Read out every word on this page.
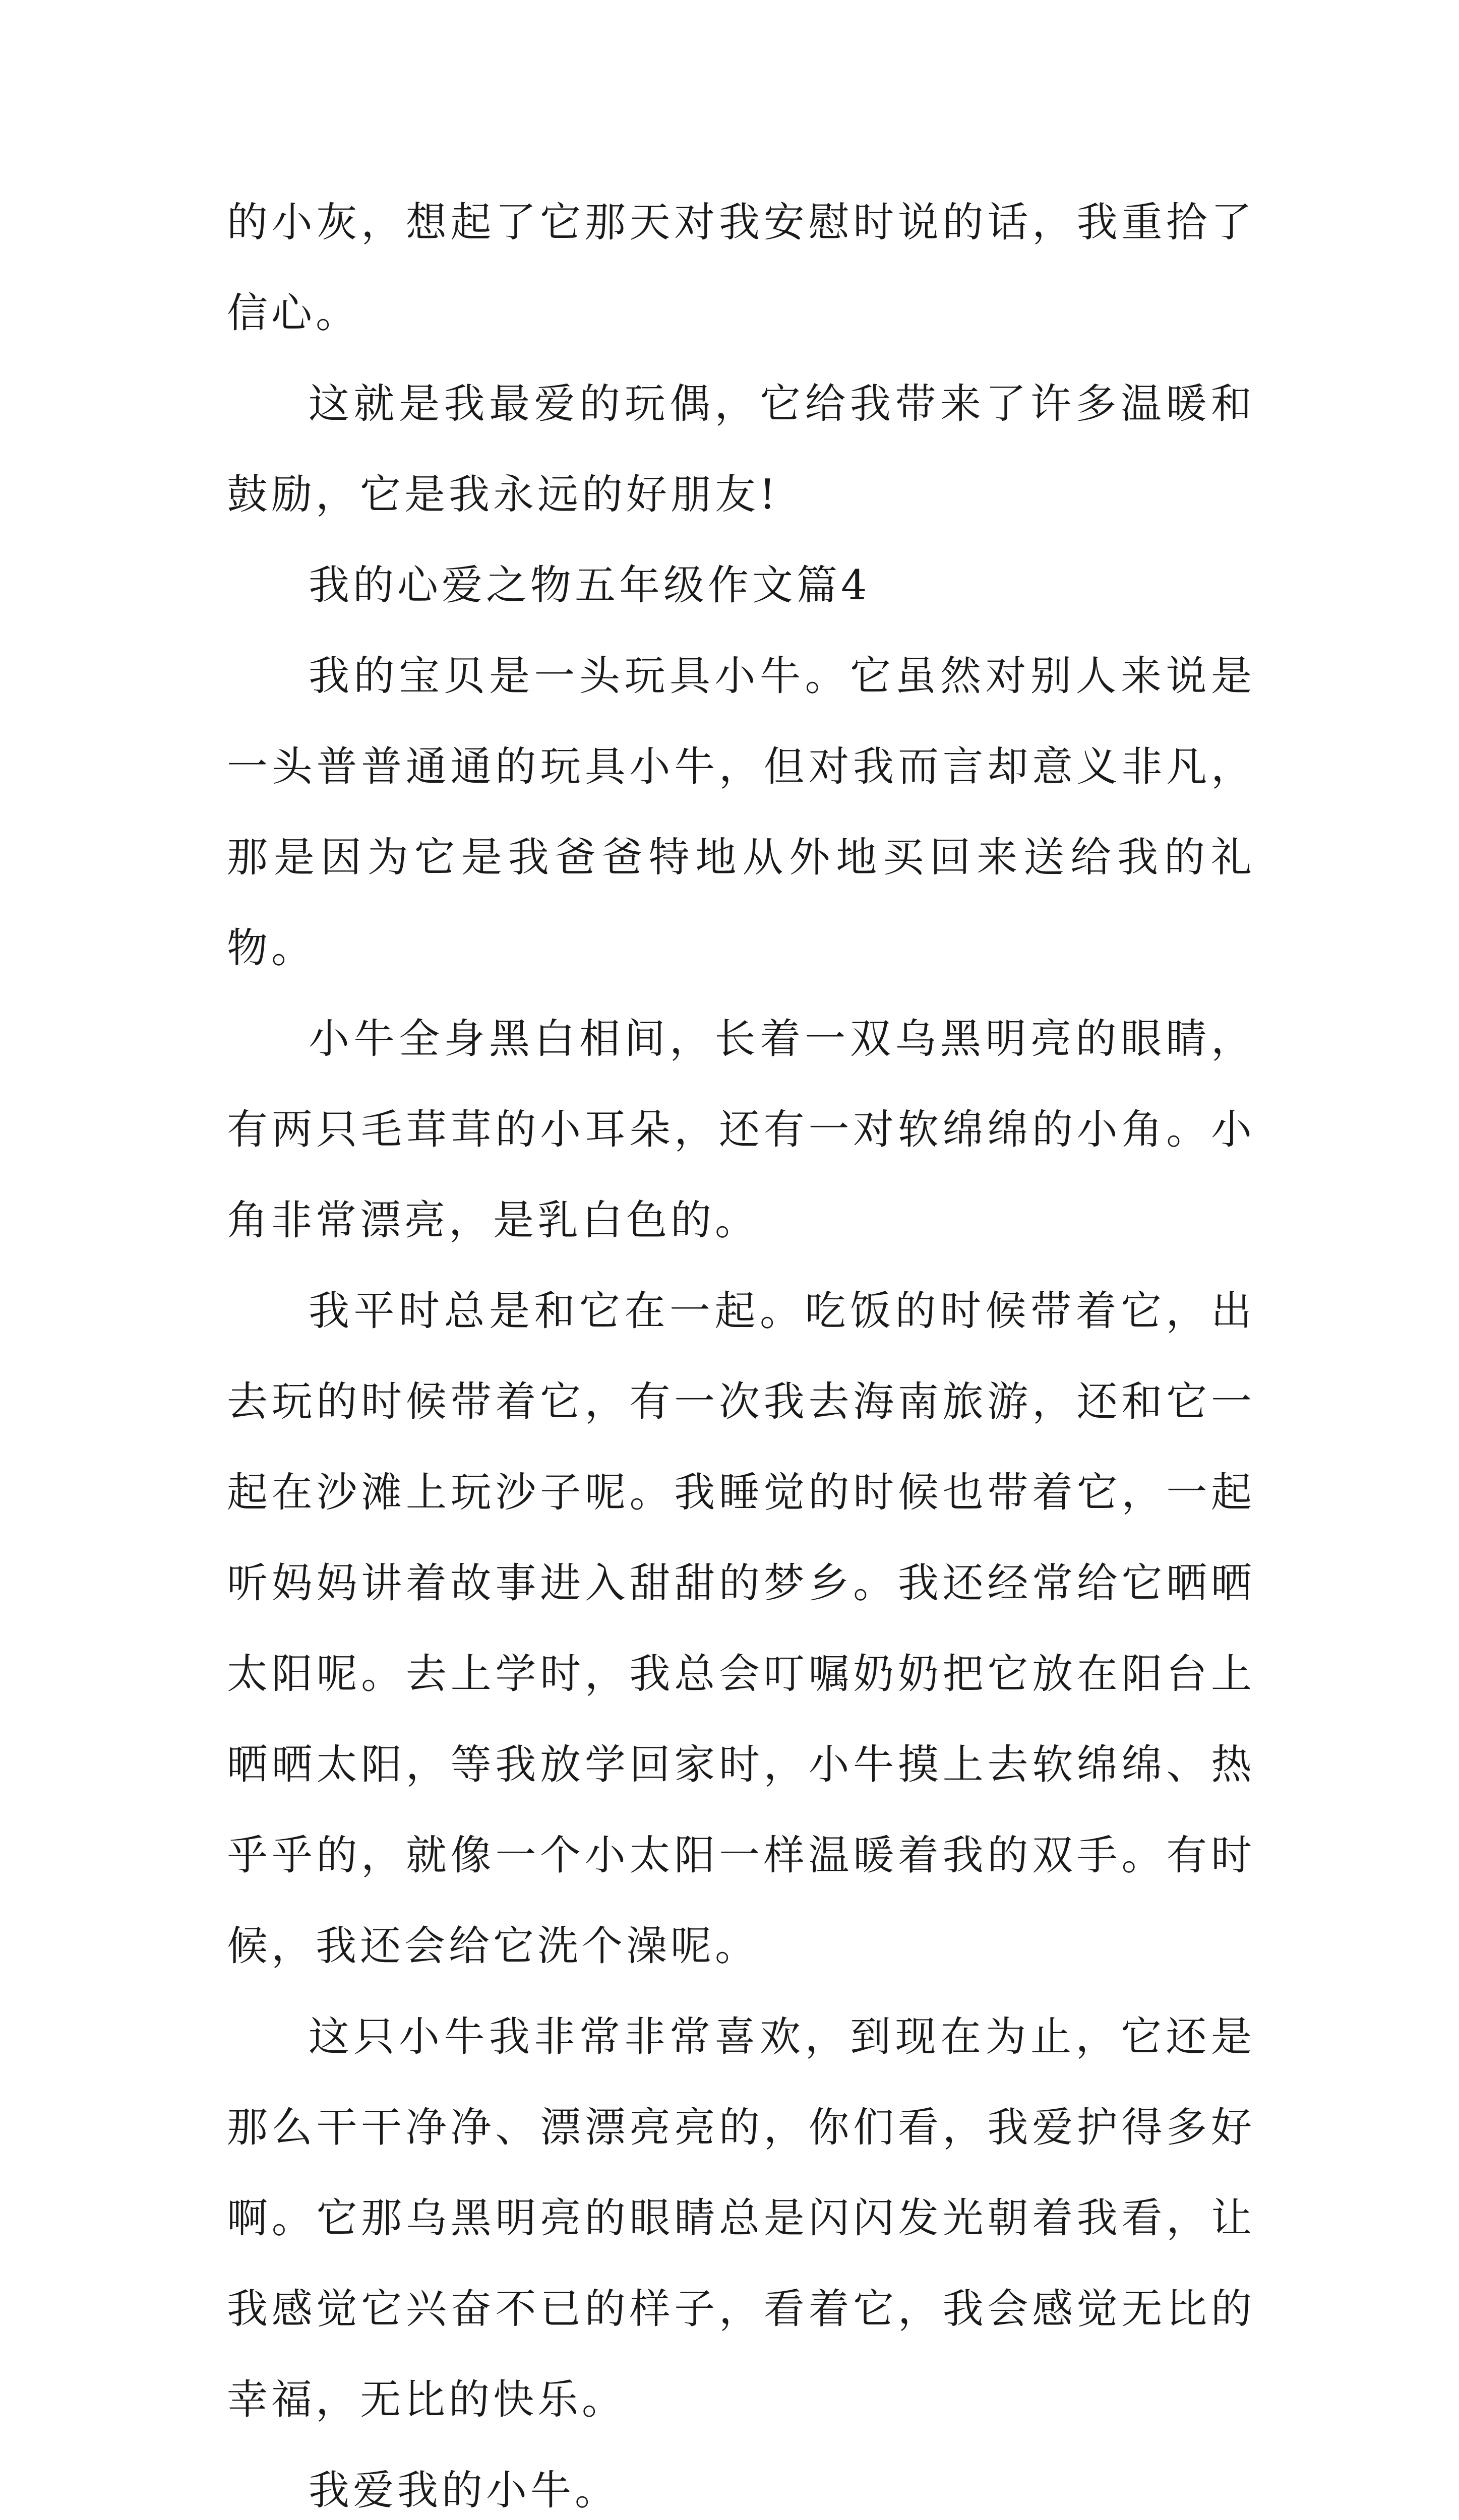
的小灰，想起了它那天对我安慰时说的话，我重拾了信心。

这就是我最爱的玩偶，它给我带来了许多温暖和鼓励，它是我永远的好朋友!

我的心爱之物五年级作文篇4

我的宝贝是一头玩具小牛。它虽然对别人来说是一头普普通通的玩具小牛，但对我而言却意义非凡，那是因为它是我爸爸特地从外地买回来送给我的礼物。

小牛全身黑白相间，长着一双乌黑明亮的眼睛，有两只毛茸茸的小耳朵，还有一对软绵绵的小角。小角非常漂亮，是乳白色的。

我平时总是和它在一起。吃饭的时候带着它，出去玩的时候带着它，有一次我去海南旅游，还和它一起在沙滩上玩沙子呢。我睡觉的时候也带着它，一起听妈妈讲着故事进入甜甜的梦乡。我还经常给它晒晒太阳呢。去上学时，我总会叮嘱奶奶把它放在阳台上晒晒太阳，等我放学回家时，小牛摸上去软绵绵、热乎乎的，就像一个小太阳一样温暖着我的双手。有时候，我还会给它洗个澡呢。

这只小牛我非常非常喜欢，到现在为止，它还是那么干干净净、漂漂亮亮的，你们看，我爱护得多好啊。它那乌黑明亮的眼睛总是闪闪发光朝着我看，让我感觉它兴奋不已的样子，看着它，我会感觉无比的幸福，无比的快乐。

我爱我的小牛。
